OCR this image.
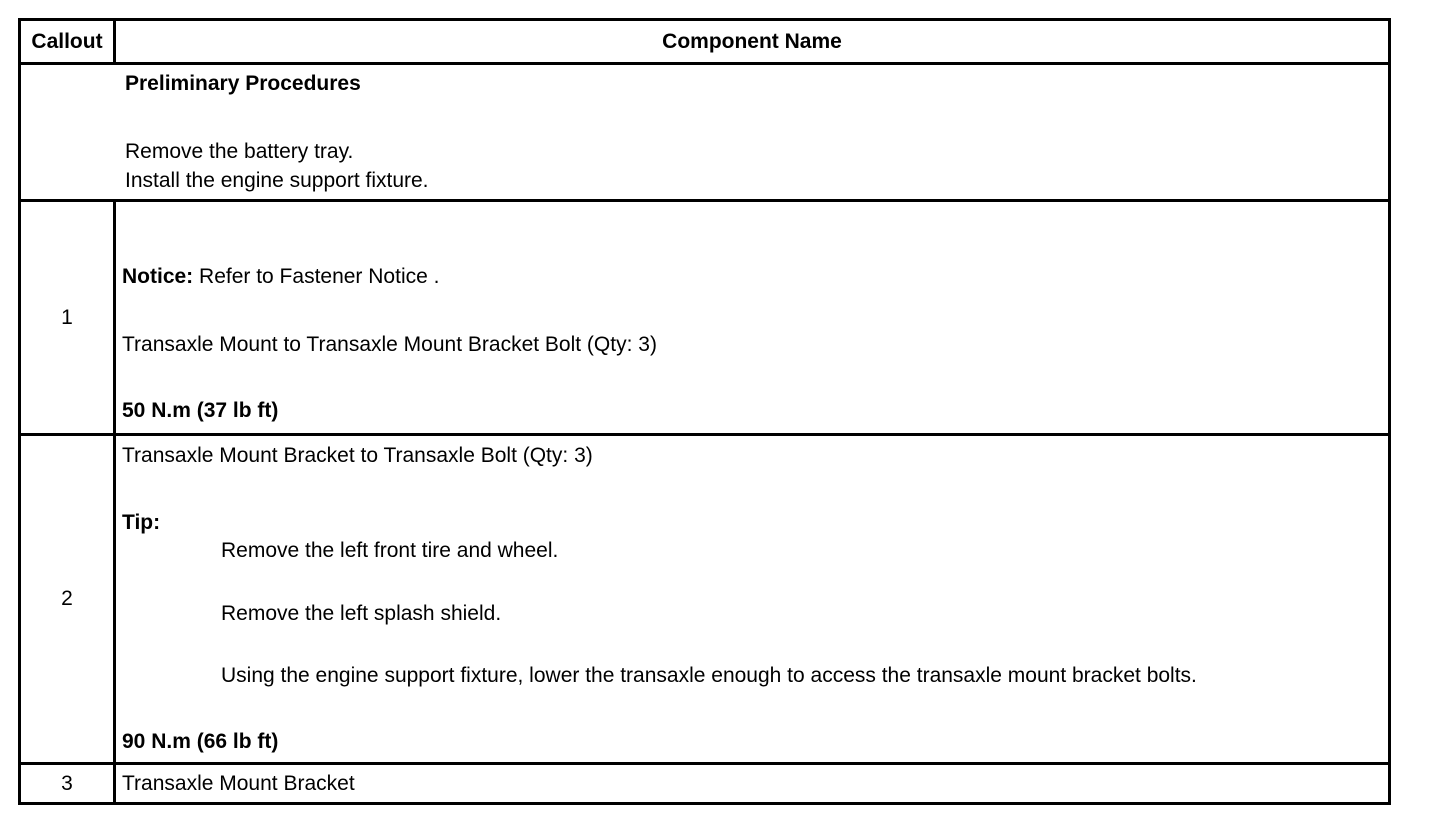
Callout	Component Name
Preliminary Procedures
Remove the battery tray.
Install the engine support fixture.
1
Notice: Refer to Fastener Notice .
Transaxle Mount to Transaxle Mount Bracket Bolt (Qty: 3)
50 N.m (37 lb ft)
2
Transaxle Mount Bracket to Transaxle Bolt (Qty: 3)
Tip:
Remove the left front tire and wheel.
Remove the left splash shield.
Using the engine support fixture, lower the transaxle enough to access the transaxle mount bracket bolts.
90 N.m (66 lb ft)
3	Transaxle Mount Bracket
